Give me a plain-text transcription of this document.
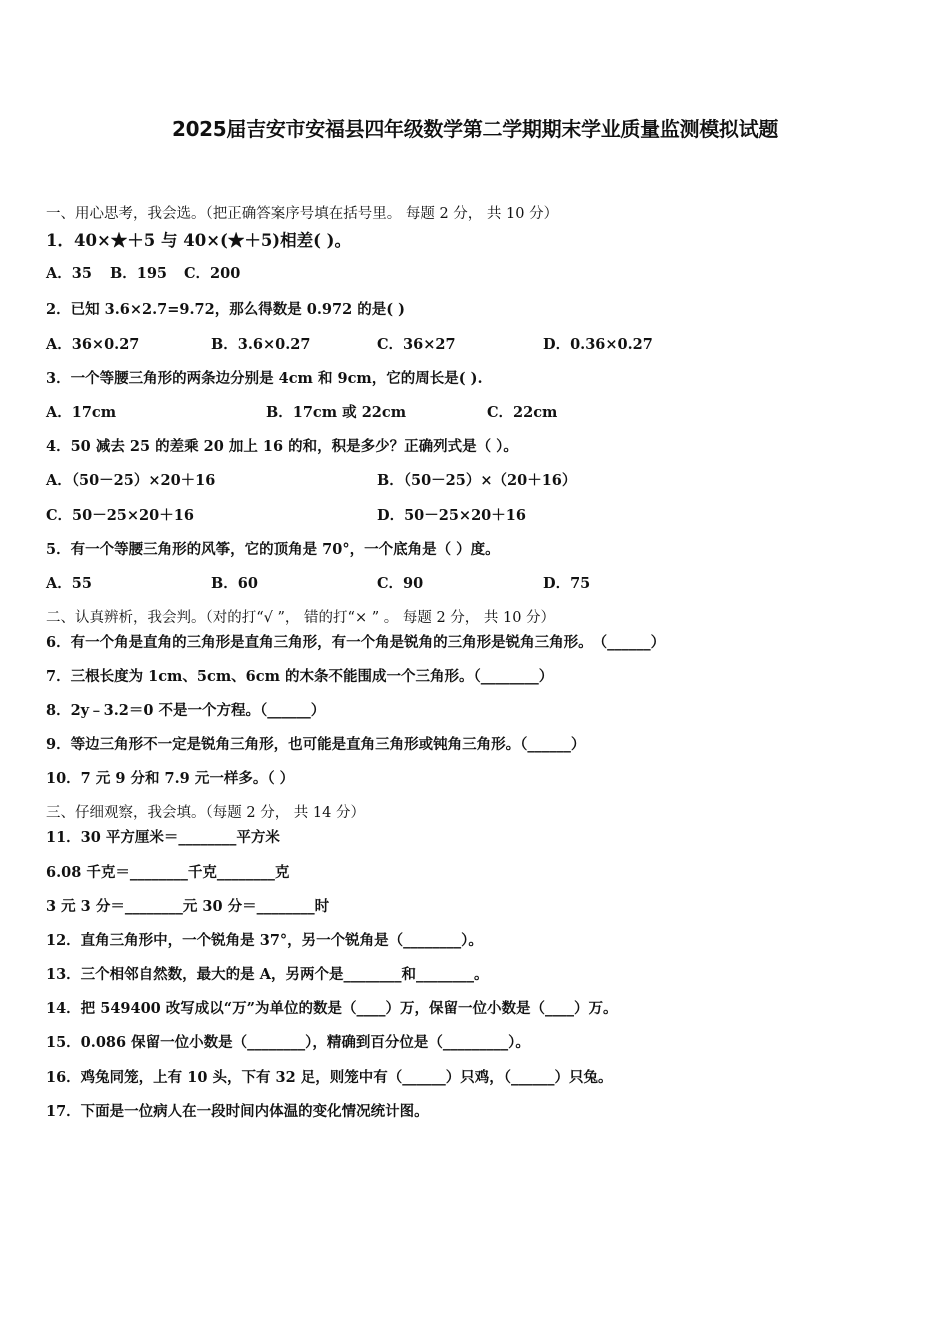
2025届吉安市安福县四年级数学第二学期期末学业质量监测模拟试题
一、用心思考，我会选。（把正确答案序号填在括号里。 每题 2 分， 共 10 分）
1．40×★＋5 与 40×(★＋5)相差( )。
A．35 B．195 C．200
2．已知 3.6×2.7=9.72，那么得数是 0.972 的是( )
A．36×0.27	B．3.6×0.27	C．36×27	D．0.36×0.27
3．一个等腰三角形的两条边分别是 4cm 和 9cm，它的周长是( ).
A．17cm	B．17cm 或 22cm	C．22cm
4．50 减去 25 的差乘 20 加上 16 的和，积是多少？正确列式是（ ）。
A．（50－25）×20＋16	B．（50－25）×（20＋16）
C．50－25×20＋16	D．50－25×20＋16
5．有一个等腰三角形的风筝，它的顶角是 70°，一个底角是（ ）度。
A．55	B．60	C．90	D．75
二、认真辨析，我会判。（对的打“√ ”， 错的打“× ” 。 每题 2 分， 共 10 分）
6．有一个角是直角的三角形是直角三角形，有一个角是锐角的三角形是锐角三角形。　（______）
7．三根长度为 1cm、5cm、6cm 的木条不能围成一个三角形。（________）
8．2y﹣3.2＝0 不是一个方程。（______）
9．等边三角形不一定是锐角三角形，也可能是直角三角形或钝角三角形。（______）
10．7 元 9 分和 7.9 元一样多。（ ）
三、仔细观察，我会填。（每题 2 分， 共 14 分）
11．30 平方厘米＝________平方米
6.08 千克＝________千克________克
3 元 3 分＝________元 30 分＝________时
12．直角三角形中，一个锐角是 37°，另一个锐角是（________）。
13．三个相邻自然数，最大的是 A，另两个是________和________。
14．把 549400 改写成以“万”为单位的数是（____）万，保留一位小数是（____）万。
15．0.086 保留一位小数是（________），精确到百分位是（_________）。
16．鸡兔同笼，上有 10 头，下有 32 足，则笼中有（______）只鸡，（______）只兔。
17．下面是一位病人在一段时间内体温的变化情况统计图。
